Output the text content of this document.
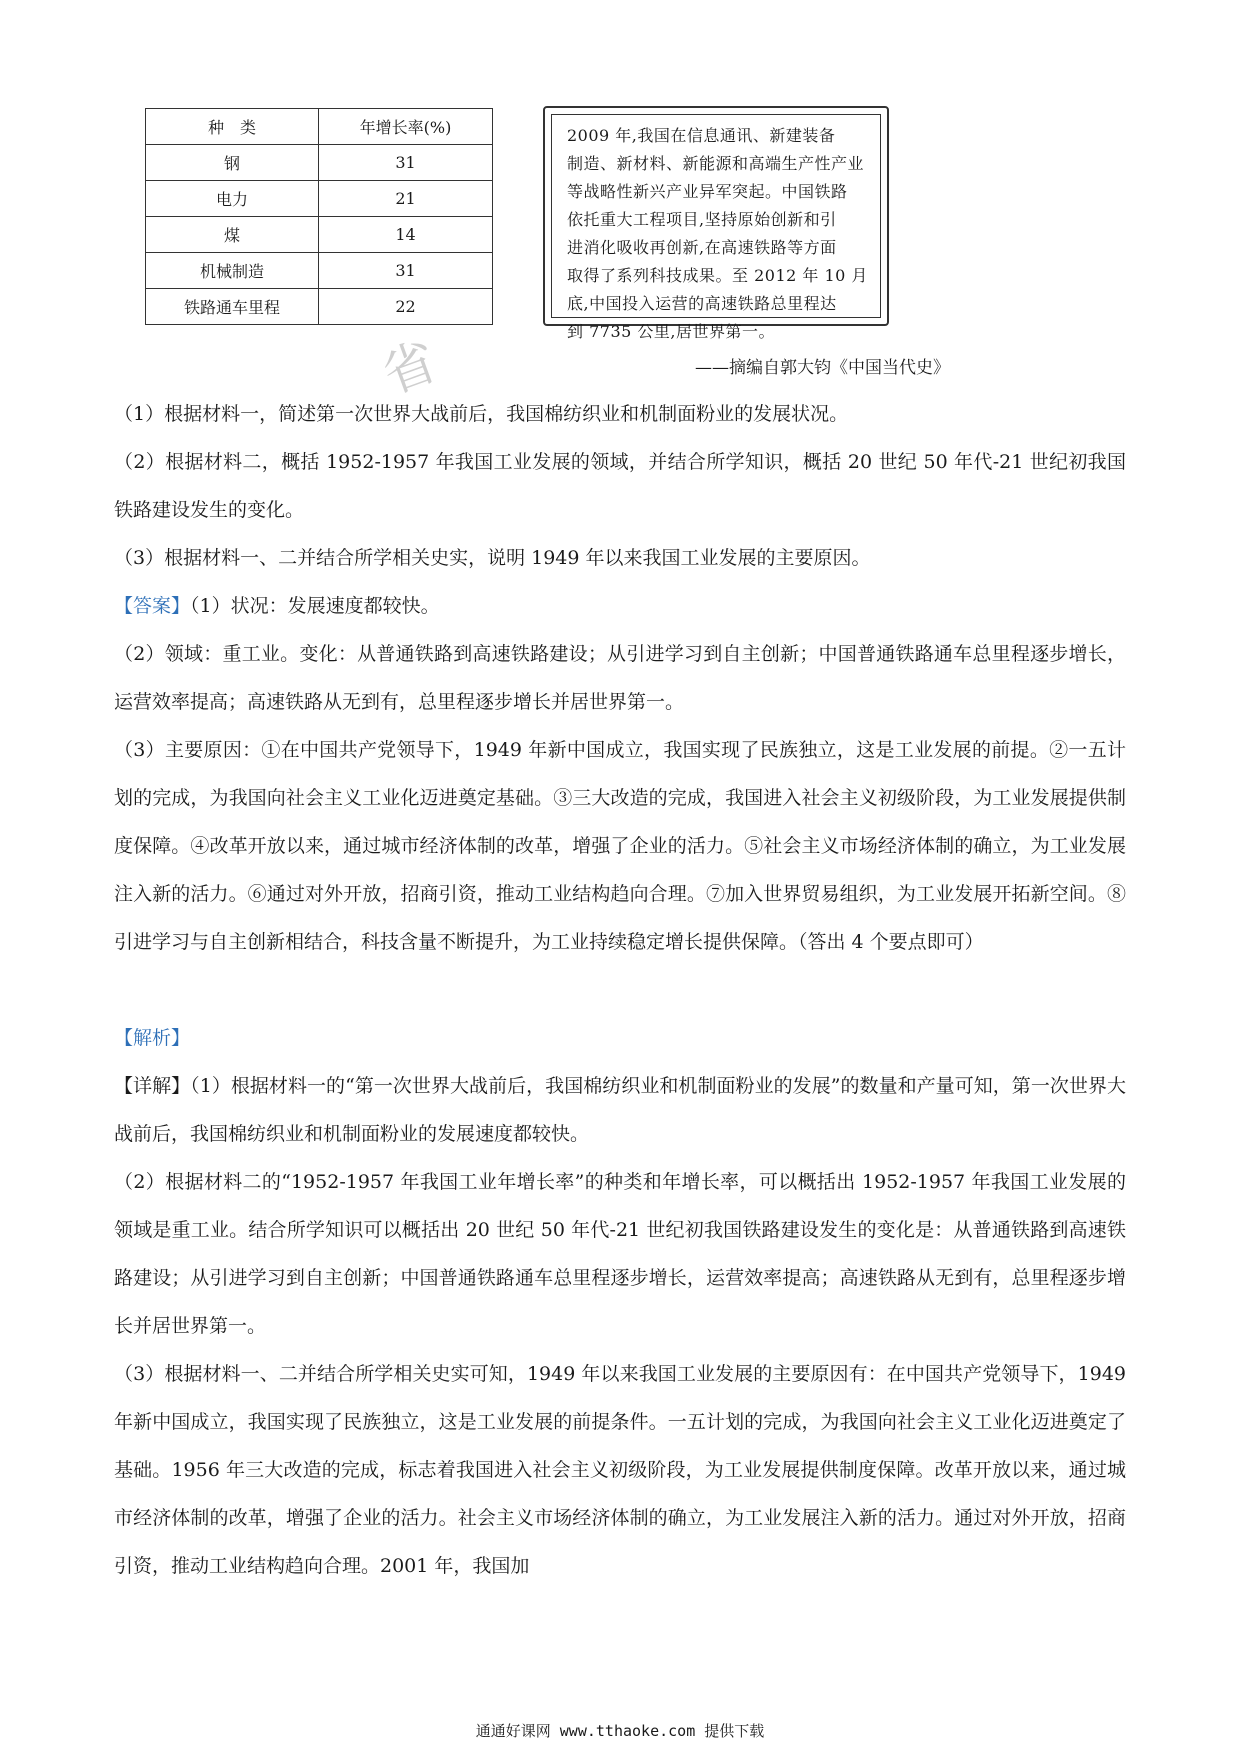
种　类	年增长率(%)
钢	31
电力	21
煤	14
机械制造	31
铁路通车里程	22
2009 年,我国在信息通讯、新建装备
制造、新材料、新能源和高端生产性产业
等战略性新兴产业异军突起。中国铁路
依托重大工程项目,坚持原始创新和引
进消化吸收再创新,在高速铁路等方面
取得了系列科技成果。至 2012 年 10 月
底,中国投入运营的高速铁路总里程达
到 7735 公里,居世界第一。
——摘编自郭大钧《中国当代史》
省

（1）根据材料一，简述第一次世界大战前后，我国棉纺织业和机制面粉业的发展状况。

（2）根据材料二，概括 1952-1957 年我国工业发展的领域，并结合所学知识，概括 20 世纪 50 年代-21 世纪初我国铁路建设发生的变化。

（3）根据材料一、二并结合所学相关史实，说明 1949 年以来我国工业发展的主要原因。

【答案】（1）状况：发展速度都较快。

（2）领域：重工业。变化：从普通铁路到高速铁路建设；从引进学习到自主创新；中国普通铁路通车总里程逐步增长，运营效率提高；高速铁路从无到有，总里程逐步增长并居世界第一。

（3）主要原因：①在中国共产党领导下，1949 年新中国成立，我国实现了民族独立，这是工业发展的前提。②一五计划的完成，为我国向社会主义工业化迈进奠定基础。③三大改造的完成，我国进入社会主义初级阶段，为工业发展提供制度保障。④改革开放以来，通过城市经济体制的改革，增强了企业的活力。⑤社会主义市场经济体制的确立，为工业发展注入新的活力。⑥通过对外开放，招商引资，推动工业结构趋向合理。⑦加入世界贸易组织，为工业发展开拓新空间。⑧引进学习与自主创新相结合，科技含量不断提升，为工业持续稳定增长提供保障。（答出 4 个要点即可）

【解析】

【详解】（1）根据材料一的“第一次世界大战前后，我国棉纺织业和机制面粉业的发展”的数量和产量可知，第一次世界大战前后，我国棉纺织业和机制面粉业的发展速度都较快。

（2）根据材料二的“1952-1957 年我国工业年增长率”的种类和年增长率，可以概括出 1952-1957 年我国工业发展的领域是重工业。结合所学知识可以概括出 20 世纪 50 年代-21 世纪初我国铁路建设发生的变化是：从普通铁路到高速铁路建设；从引进学习到自主创新；中国普通铁路通车总里程逐步增长，运营效率提高；高速铁路从无到有，总里程逐步增长并居世界第一。

（3）根据材料一、二并结合所学相关史实可知，1949 年以来我国工业发展的主要原因有：在中国共产党领导下，1949 年新中国成立，我国实现了民族独立，这是工业发展的前提条件。一五计划的完成，为我国向社会主义工业化迈进奠定了基础。1956 年三大改造的完成，标志着我国进入社会主义初级阶段，为工业发展提供制度保障。改革开放以来，通过城市经济体制的改革，增强了企业的活力。社会主义市场经济体制的确立，为工业发展注入新的活力。通过对外开放，招商引资，推动工业结构趋向合理。2001 年，我国加

通通好课网 www.tthaoke.com 提供下载
